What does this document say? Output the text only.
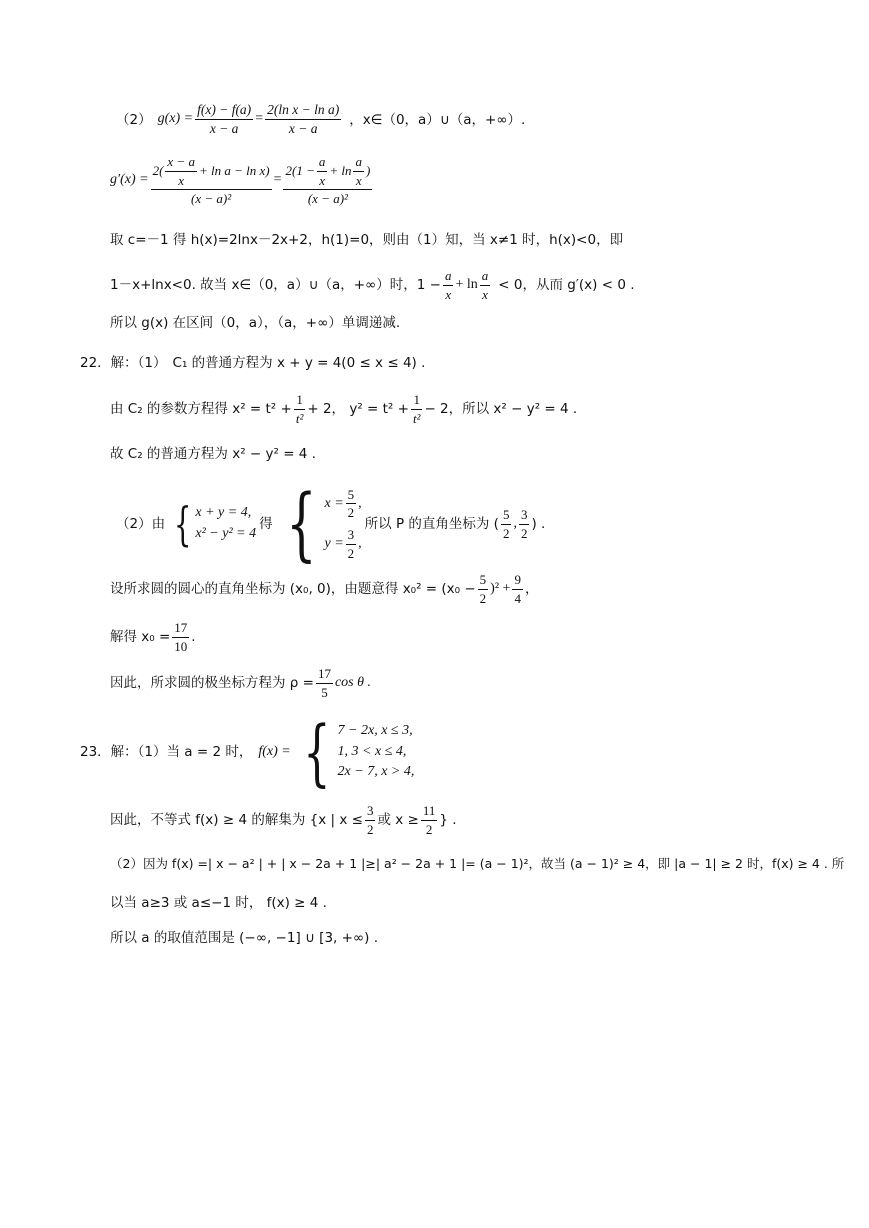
（2） $g(x) = \frac{f(x) - f(a)}{x - a} = \frac{\text{2(ln x − ln a)}}{x - a}$ ，x∈（0，a）∪（a，+∞）.
g′(x) =
$2( \frac{x - a}{x} + \ln a - \ln x)$
(x − a)²
=
$2(1 - \frac{a}{x} + \ln \frac{a}{x}$ )
(x − a)²
取 c=－1 得 h(x)=2lnx－2x+2，h(1)=0，则由（1）知，当 x≠1 时，h(x)<0，即
1－x+lnx<0. 故当 x∈（0，a）∪（a，+∞）时，$1 - \frac{a}{x} + \ln \frac{a}{x} < 0$，从而 g′(x) < 0 .
所以 g(x) 在区间（0，a），（a，+∞）单调递减.
22．解：（1） C₁ 的普通方程为 x + y = 4(0 ≤ x ≤ 4) .
由 C₂ 的参数方程得 $x^2 = t^2 + \frac{1}{\text{t²}} + 2$， $y^2 = t^2 + \frac{1}{\text{t²}} - 2$，所以 x² − y² = 4 .
故 C₂ 的普通方程为 x² − y² = 4 .
（2）由 { x + y = 4,
x² − y² = 4
得 { $x = \frac{5}{2}$ ,
$y = \frac{3}{2}$ ,
所以 P 的直角坐标为 ( $\frac{5}{2}$ , $\frac{3}{2}$ ) .
设所求圆的圆心的直角坐标为 (x₀, 0)，由题意得 $x_0^2 = (x_0 - \frac{5}{2} )^2 + \frac{9}{4}$ ，
解得 $x_0 = \frac{17}{10}$ .
因此，所求圆的极坐标方程为 $\rho = \frac{17}{5}$ cos θ .
23．解：（1）当 a = 2 时， f(x) = { 7 − 2x, x ≤ 3,
1, 3 < x ≤ 4,
2x − 7, x > 4,
因此，不等式 f(x) ≥ 4 的解集为 {x | $x \le \frac{3}{2}$ 或 $x \ge \frac{11}{2}$ } .
（2）因为 f(x) =| x − a² | + | x − 2a + 1 |≥| a² − 2a + 1 |= (a − 1)²，故当 (a − 1)² ≥ 4，即 |a − 1| ≥ 2 时，f(x) ≥ 4 . 所
以当 a≥3 或 a≤−1 时， f(x) ≥ 4 .
所以 a 的取值范围是 (−∞, −1] ∪ [3, +∞) .
